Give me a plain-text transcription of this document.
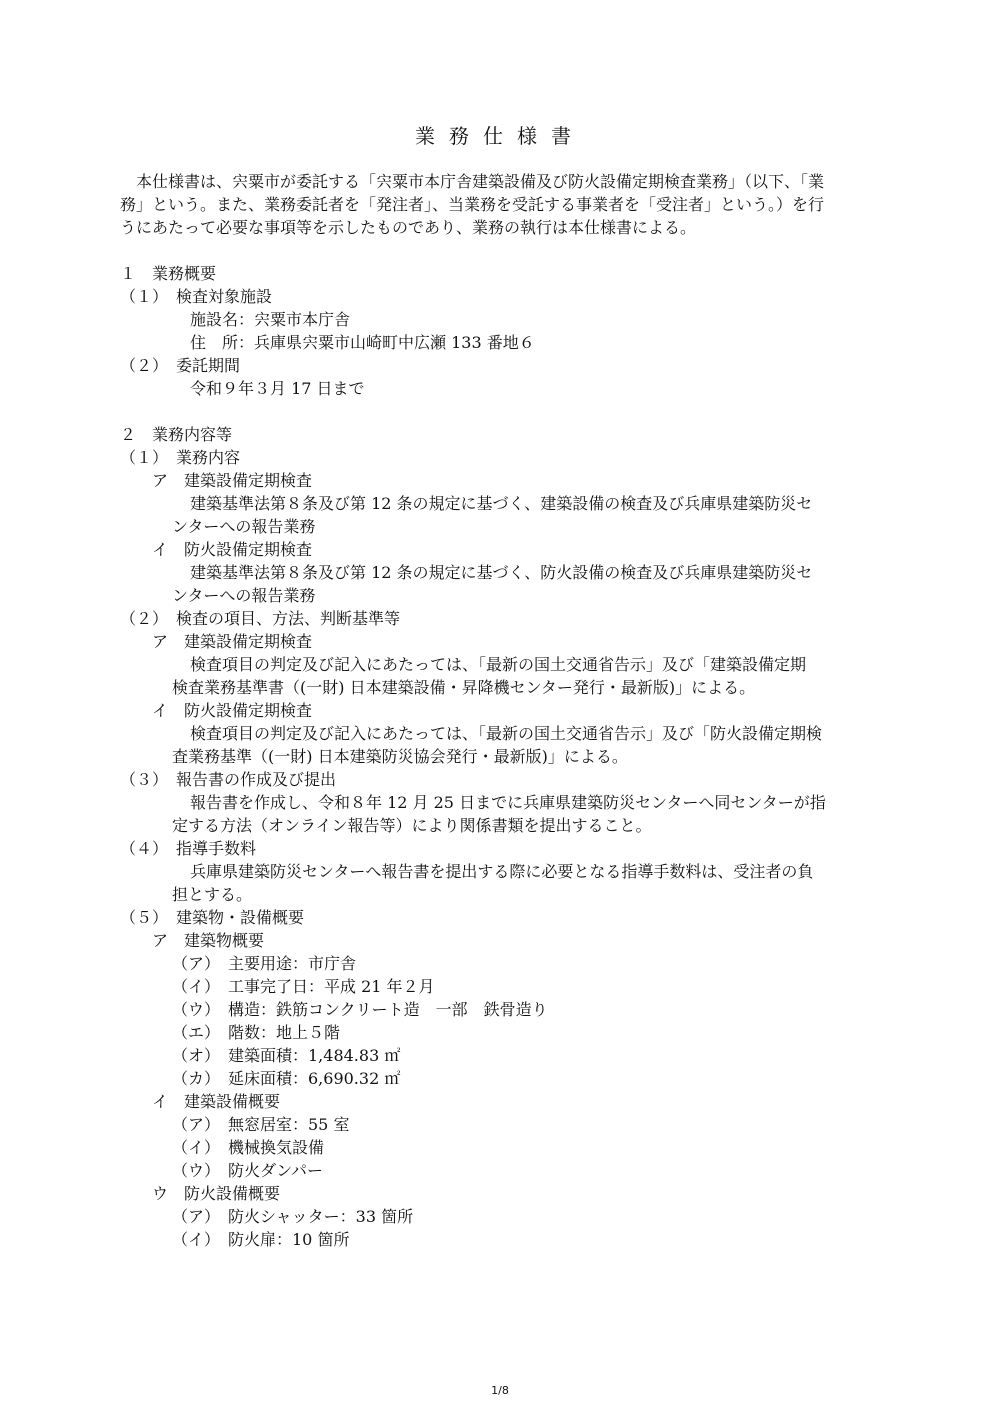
業務仕様書
　本仕様書は、宍粟市が委託する「宍粟市本庁舎建築設備及び防火設備定期検査業務」（以下、「業
務」という。また、業務委託者を「発注者」、当業務を受託する事業者を「受注者」という。）を行
うにあたって必要な事項等を示したものであり、業務の執行は本仕様書による。
１　業務概要
（１）　検査対象施設
施設名：宍粟市本庁舎
住　所：兵庫県宍粟市山崎町中広瀬 133 番地６
（２）　委託期間
令和９年３月 17 日まで
２　業務内容等
（１）　業務内容
ア　建築設備定期検査
建築基準法第８条及び第 12 条の規定に基づく、建築設備の検査及び兵庫県建築防災セ
ンターへの報告業務
イ　防火設備定期検査
建築基準法第８条及び第 12 条の規定に基づく、防火設備の検査及び兵庫県建築防災セ
ンターへの報告業務
（２）　検査の項目、方法、判断基準等
ア　建築設備定期検査
検査項目の判定及び記入にあたっては、「最新の国土交通省告示」及び「建築設備定期
検査業務基準書（(一財) 日本建築設備・昇降機センター発行・最新版)」による。
イ　防火設備定期検査
検査項目の判定及び記入にあたっては、「最新の国土交通省告示」及び「防火設備定期検
査業務基準（(一財) 日本建築防災協会発行・最新版)」による。
（３）　報告書の作成及び提出
報告書を作成し、令和８年 12 月 25 日までに兵庫県建築防災センターへ同センターが指
定する方法（オンライン報告等）により関係書類を提出すること。
（４）　指導手数料
兵庫県建築防災センターへ報告書を提出する際に必要となる指導手数料は、受注者の負
担とする。
（５）　建築物・設備概要
ア　建築物概要
（ア）　主要用途：市庁舎
（イ）　工事完了日：平成 21 年２月
（ウ）　構造：鉄筋コンクリート造　一部　鉄骨造り
（エ）　階数：地上５階
（オ）　建築面積：1,484.83 ㎡
（カ）　延床面積：6,690.32 ㎡
イ　建築設備概要
（ア）　無窓居室：55 室
（イ）　機械換気設備
（ウ）　防火ダンパー
ウ　防火設備概要
（ア）　防火シャッター：33 箇所
（イ）　防火扉：10 箇所
1/8
